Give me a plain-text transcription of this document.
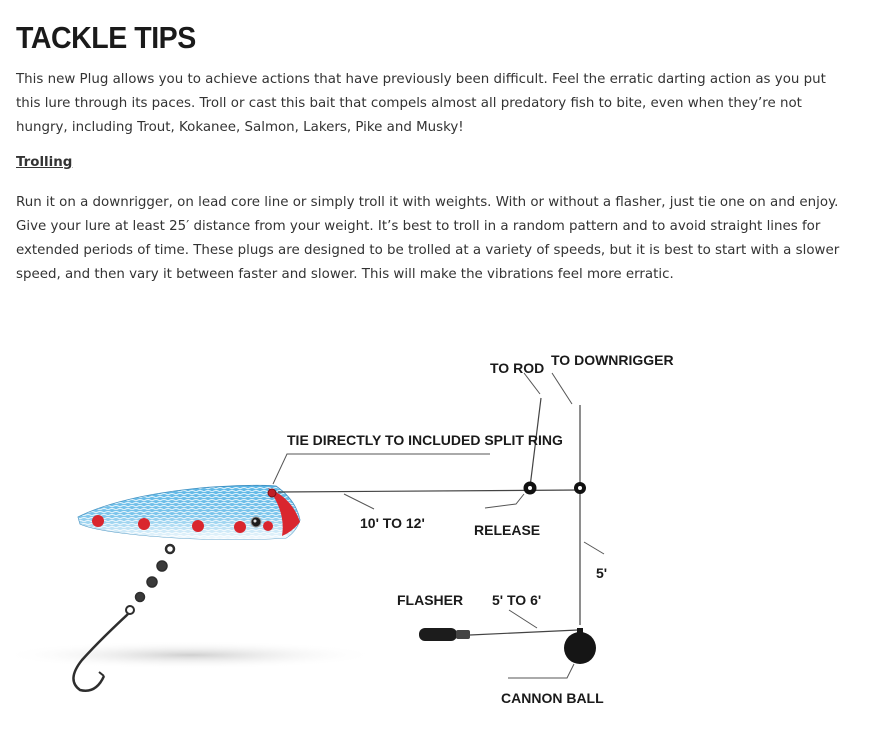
TACKLE TIPS

This new Plug allows you to achieve actions that have previously been difficult. Feel the erratic darting action as you put this lure through its paces. Troll or cast this bait that compels almost all predatory fish to bite, even when they’re not hungry, including Trout, Kokanee, Salmon, Lakers, Pike and Musky!

Trolling

Run it on a downrigger, on lead core line or simply troll it with weights. With or without a flasher, just tie one on and enjoy. Give your lure at least 25′ distance from your weight. It’s best to troll in a random pattern and to avoid straight lines for extended periods of time. These plugs are designed to be trolled at a variety of speeds, but it is best to start with a slower speed, and then vary it between faster and slower. This will make the vibrations feel more erratic.

TO ROD TO DOWNRIGGER
TIE DIRECTLY TO INCLUDED SPLIT RING
10' TO 12'	RELEASE
5'
FLASHER 5' TO 6'
CANNON BALL
